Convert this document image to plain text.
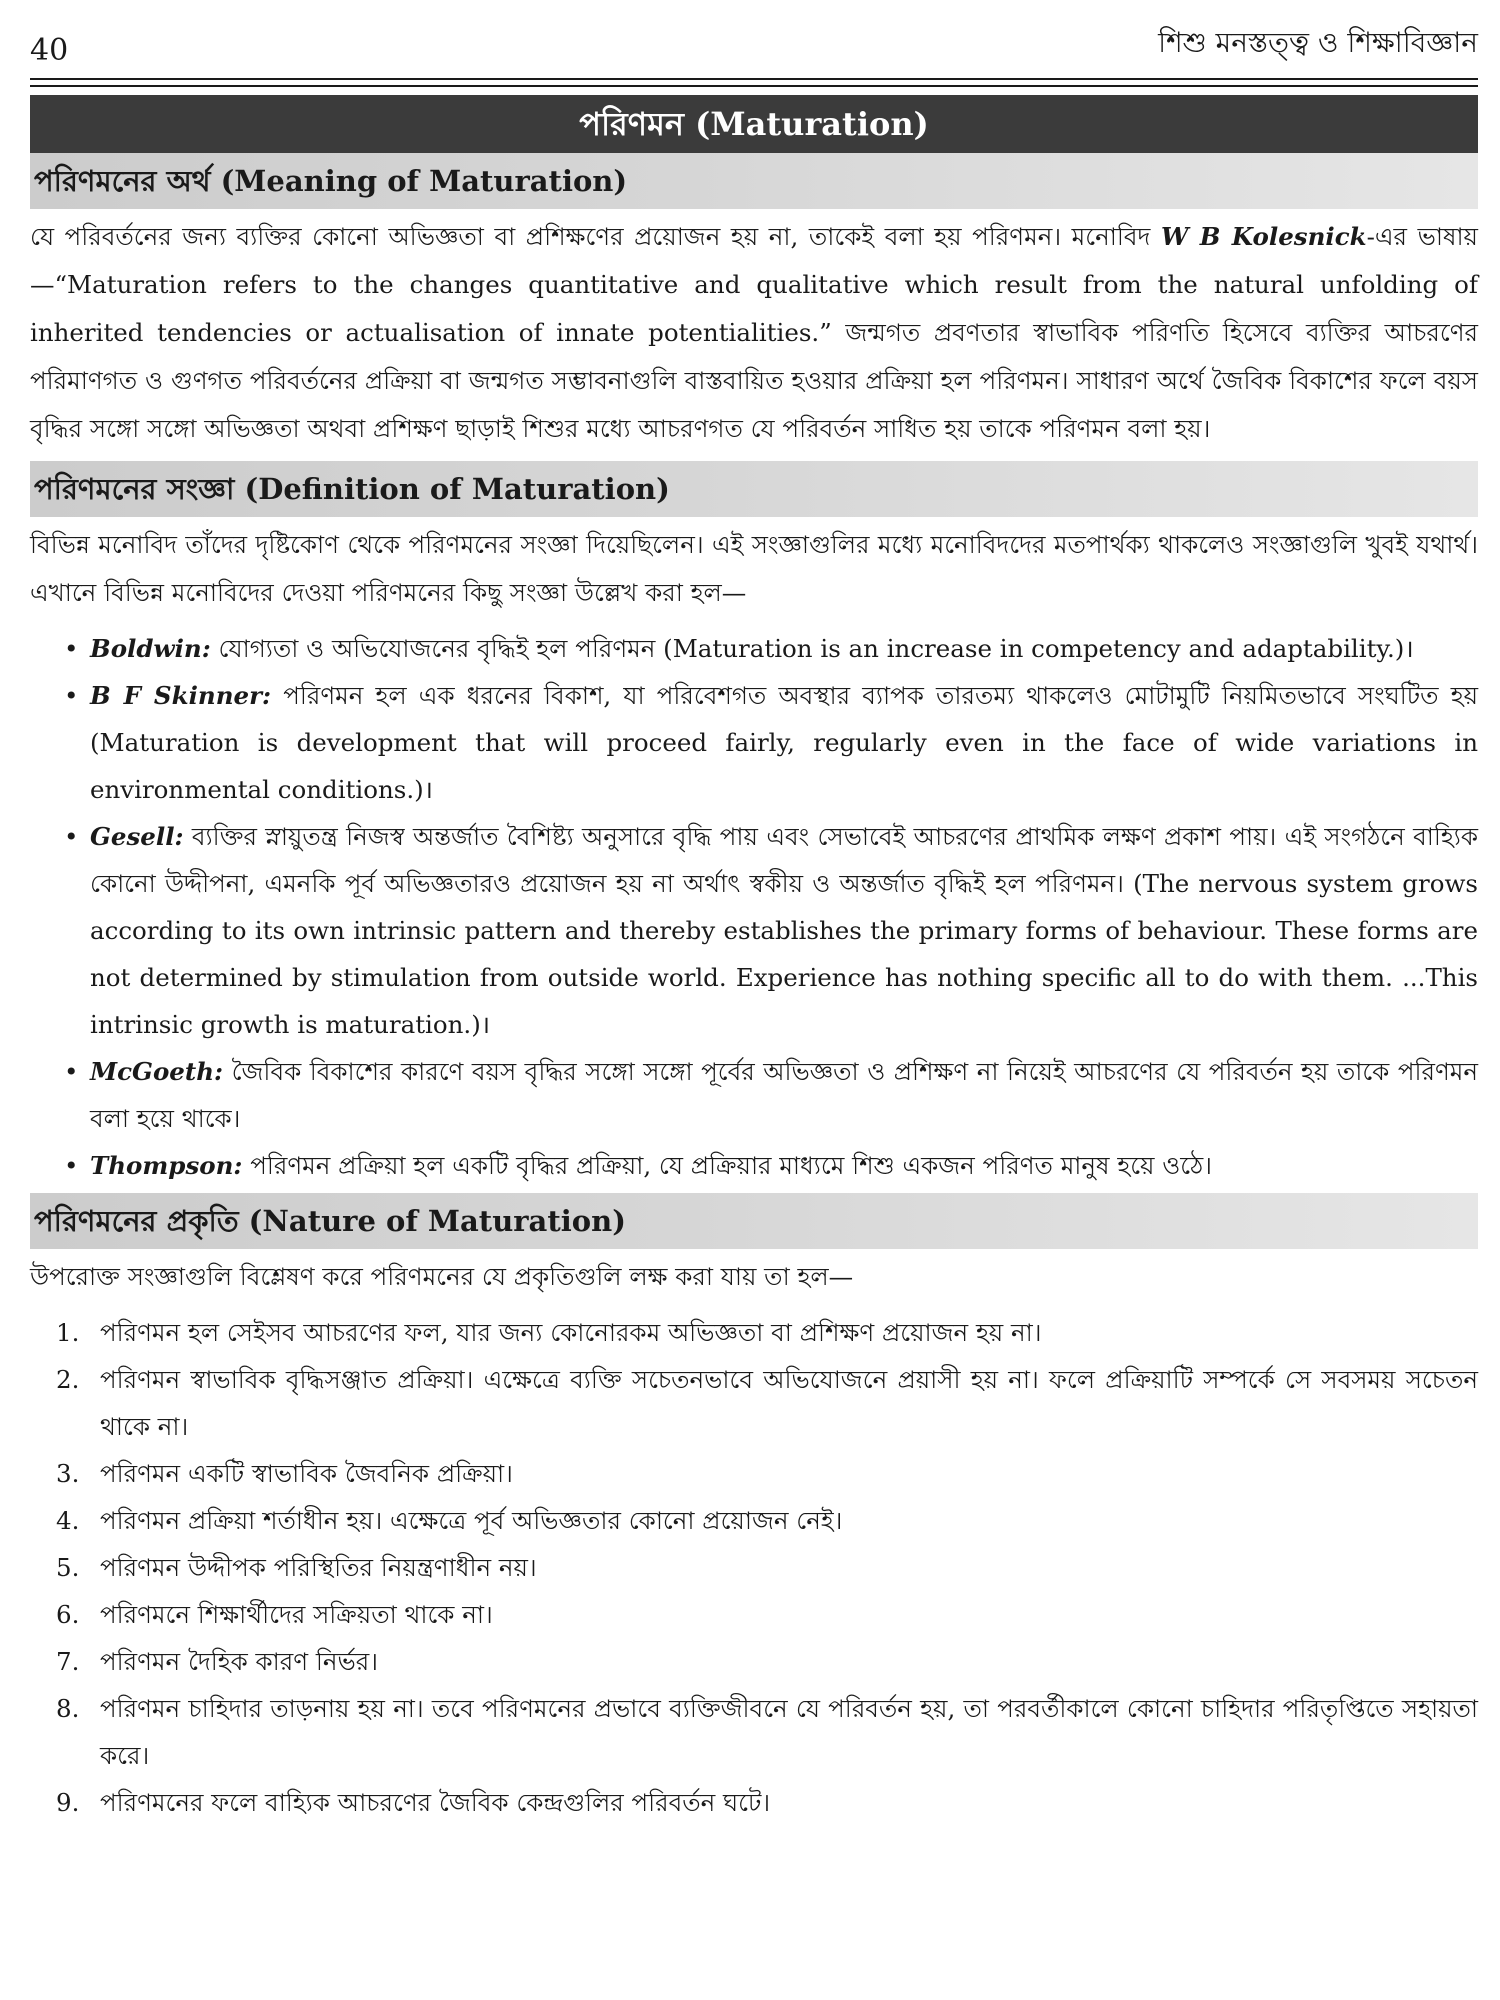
40	শিশু মনস্তত্ত্ব ও শিক্ষাবিজ্ঞান
পরিণমন (Maturation)
পরিণমনের অর্থ (Meaning of Maturation)

যে পরিবর্তনের জন্য ব্যক্তির কোনো অভিজ্ঞতা বা প্রশিক্ষণের প্রয়োজন হয় না, তাকেই বলা হয় পরিণমন। মনোবিদ W B Kolesnick-এর ভাষায়—“Maturation refers to the changes quantitative and qualitative which result from the natural unfolding of inherited tendencies or actualisation of innate potentialities.” জন্মগত প্রবণতার স্বাভাবিক পরিণতি হিসেবে ব্যক্তির আচরণের পরিমাণগত ও গুণগত পরিবর্তনের প্রক্রিয়া বা জন্মগত সম্ভাবনাগুলি বাস্তবায়িত হওয়ার প্রক্রিয়া হল পরিণমন। সাধারণ অর্থে জৈবিক বিকাশের ফলে বয়স বৃদ্ধির সঙ্গো সঙ্গো অভিজ্ঞতা অথবা প্রশিক্ষণ ছাড়াই শিশুর মধ্যে আচরণগত যে পরিবর্তন সাধিত হয় তাকে পরিণমন বলা হয়।

পরিণমনের সংজ্ঞা (Definition of Maturation)

বিভিন্ন মনোবিদ তাঁদের দৃষ্টিকোণ থেকে পরিণমনের সংজ্ঞা দিয়েছিলেন। এই সংজ্ঞাগুলির মধ্যে মনোবিদদের মতপার্থক্য থাকলেও সংজ্ঞাগুলি খুবই যথার্থ। এখানে বিভিন্ন মনোবিদের দেওয়া পরিণমনের কিছু সংজ্ঞা উল্লেখ করা হল—

• Boldwin: যোগ্যতা ও অভিযোজনের বৃদ্ধিই হল পরিণমন (Maturation is an increase in competency and adaptability.)।
• B F Skinner: পরিণমন হল এক ধরনের বিকাশ, যা পরিবেশগত অবস্থার ব্যাপক তারতম্য থাকলেও মোটামুটি নিয়মিতভাবে সংঘটিত হয় (Maturation is development that will proceed fairly, regularly even in the face of wide variations in environmental conditions.)।
• Gesell: ব্যক্তির স্নায়ুতন্ত্র নিজস্ব অন্তর্জাত বৈশিষ্ট্য অনুসারে বৃদ্ধি পায় এবং সেভাবেই আচরণের প্রাথমিক লক্ষণ প্রকাশ পায়। এই সংগঠনে বাহ্যিক কোনো উদ্দীপনা, এমনকি পূর্ব অভিজ্ঞতারও প্রয়োজন হয় না অর্থাৎ স্বকীয় ও অন্তর্জাত বৃদ্ধিই হল পরিণমন। (The nervous system grows according to its own intrinsic pattern and thereby establishes the primary forms of behaviour. These forms are not determined by stimulation from outside world. Experience has nothing specific all to do with them. ...This intrinsic growth is maturation.)।
• McGoeth: জৈবিক বিকাশের কারণে বয়স বৃদ্ধির সঙ্গো সঙ্গো পূর্বের অভিজ্ঞতা ও প্রশিক্ষণ না নিয়েই আচরণের যে পরিবর্তন হয় তাকে পরিণমন বলা হয়ে থাকে।
• Thompson: পরিণমন প্রক্রিয়া হল একটি বৃদ্ধির প্রক্রিয়া, যে প্রক্রিয়ার মাধ্যমে শিশু একজন পরিণত মানুষ হয়ে ওঠে।
পরিণমনের প্রকৃতি (Nature of Maturation)

উপরোক্ত সংজ্ঞাগুলি বিশ্লেষণ করে পরিণমনের যে প্রকৃতিগুলি লক্ষ করা যায় তা হল—

1. পরিণমন হল সেইসব আচরণের ফল, যার জন্য কোনোরকম অভিজ্ঞতা বা প্রশিক্ষণ প্রয়োজন হয় না।
2. পরিণমন স্বাভাবিক বৃদ্ধিসঞ্জাত প্রক্রিয়া। এক্ষেত্রে ব্যক্তি সচেতনভাবে অভিযোজনে প্রয়াসী হয় না। ফলে প্রক্রিয়াটি সম্পর্কে সে সবসময় সচেতন থাকে না।
3. পরিণমন একটি স্বাভাবিক জৈবনিক প্রক্রিয়া।
4. পরিণমন প্রক্রিয়া শর্তাধীন হয়। এক্ষেত্রে পূর্ব অভিজ্ঞতার কোনো প্রয়োজন নেই।
5. পরিণমন উদ্দীপক পরিস্থিতির নিয়ন্ত্রণাধীন নয়।
6. পরিণমনে শিক্ষার্থীদের সক্রিয়তা থাকে না।
7. পরিণমন দৈহিক কারণ নির্ভর।
8. পরিণমন চাহিদার তাড়নায় হয় না। তবে পরিণমনের প্রভাবে ব্যক্তিজীবনে যে পরিবর্তন হয়, তা পরবর্তীকালে কোনো চাহিদার পরিতৃপ্তিতে সহায়তা করে।
9. পরিণমনের ফলে বাহ্যিক আচরণের জৈবিক কেন্দ্রগুলির পরিবর্তন ঘটে।
